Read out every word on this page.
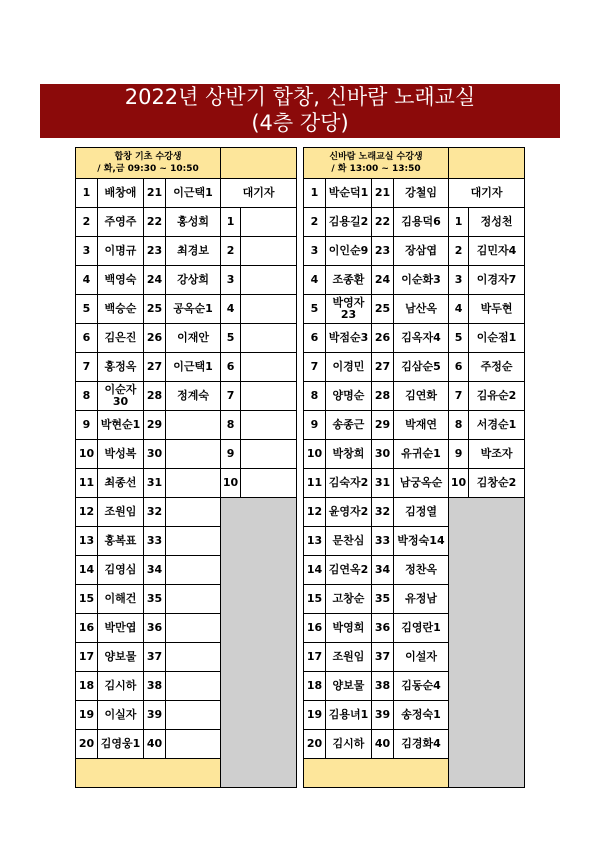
2022년 상반기 합창, 신바람 노래교실
(4층 강당)
합창 기초 수강생
/ 화,금 09:30 ~ 10:50					

1	배창애	21	이근택1	대기자	
2	주영주	22	홍성희	1	
3	이명규	23	최경보	2	
4	백영숙	24	강상희	3	
5	백승순	25	공옥순1	4	
6	김은진	26	이재안	5	
7	홍정옥	27	이근택1	6	
8	이순자30	28	정계숙	7	
9	박현순1	29		8	
10	박성복	30		9	
11	최종선	31		10	
12	조원임	32			
13	홍복표	33			
14	김영심	34			
15	이해건	35			
16	박만엽	36			
17	양보물	37			
18	김시하	38			
19	이실자	39			
20	김영웅1	40			

신바람 노래교실 수강생
/ 화 13:00 ~ 13:50					

1	박순덕1	21	강철임	대기자	
2	김용길2	22	김용덕6	1	정성천
3	이인순9	23	장삼엽	2	김민자4
4	조종환	24	이순화3	3	이경자7
5	박영자23	25	남산옥	4	박두현
6	박점순3	26	김옥자4	5	이순점1
7	이경민	27	김삼순5	6	주정순
8	양명순	28	김연화	7	김유순2
9	송종근	29	박재연	8	서경순1
10	박창희	30	유귀순1	9	박조자
11	김숙자2	31	남궁옥순	10	김창순2
12	윤영자2	32	김정열		
13	문찬심	33	박정숙14		
14	김연옥2	34	정찬옥		
15	고창순	35	유정남		
16	박영희	36	김영란1		
17	조원임	37	이설자		
18	양보물	38	김동순4		
19	김용녀1	39	송정숙1		
20	김시하	40	김경화4		
